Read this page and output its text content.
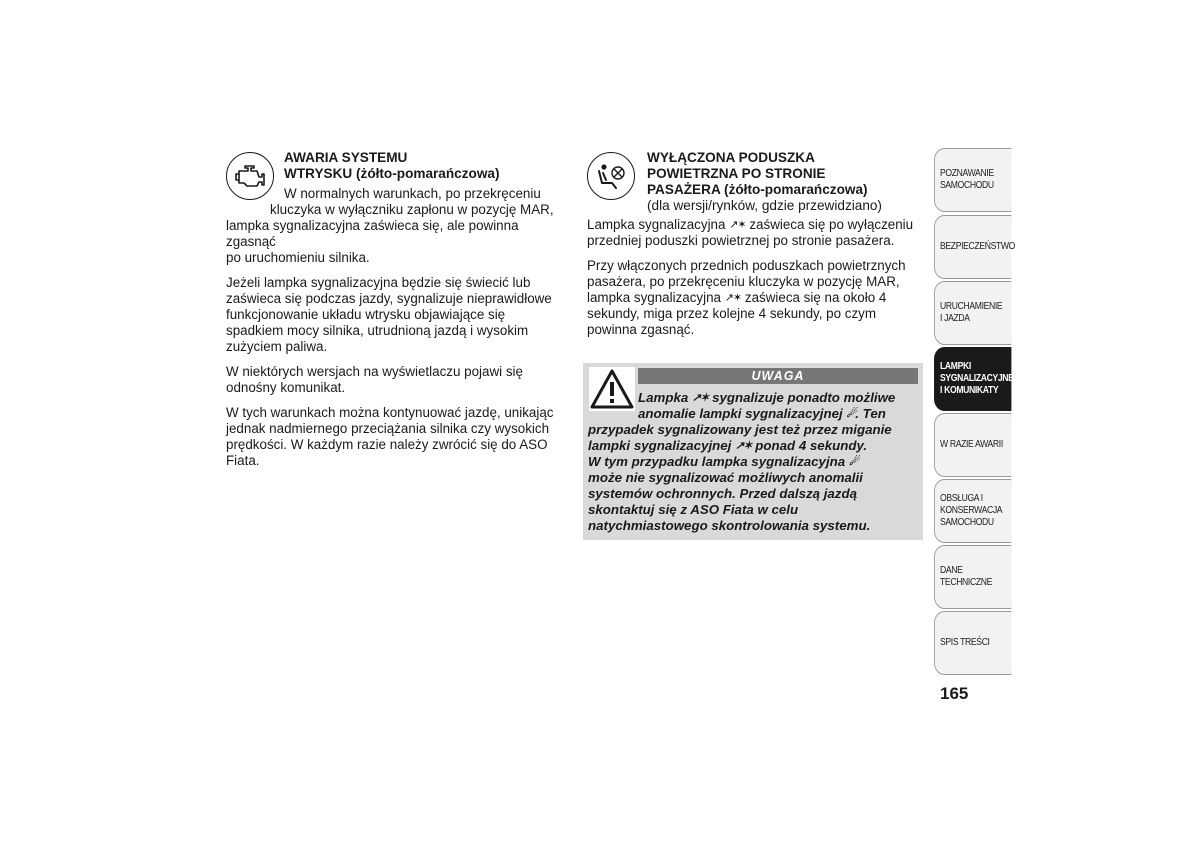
AWARIA SYSTEMU
WTRYSKU (żółto-pomarańczowa)
W normalnych warunkach, po przekręceniu
kluczyka w wyłączniku zapłonu w pozycję MAR,
lampka sygnalizacyjna zaświeca się, ale powinna zgasnąć
po uruchomieniu silnika.

Jeżeli lampka sygnalizacyjna będzie się świecić lub zaświeca się podczas jazdy, sygnalizuje nieprawidłowe funkcjonowanie układu wtrysku objawiające się spadkiem mocy silnika, utrudnioną jazdą i wysokim zużyciem paliwa.

W niektórych wersjach na wyświetlaczu pojawi się odnośny komunikat.

W tych warunkach można kontynuować jazdę, unikając jednak nadmiernego przeciążania silnika czy wysokich prędkości. W każdym razie należy zwrócić się do ASO Fiata.

WYŁĄCZONA PODUSZKA
POWIETRZNA PO STRONIE
PASAŻERA (żółto-pomarańczowa)
(dla wersji/rynków, gdzie przewidziano)

Lampka sygnalizacyjna ↗✶ zaświeca się po wyłączeniu przedniej poduszki powietrznej po stronie pasażera.

Przy włączonych przednich poduszkach powietrznych pasażera, po przekręceniu kluczyka w pozycję MAR, lampka sygnalizacyjna ↗✶ zaświeca się na około 4 sekundy, miga przez kolejne 4 sekundy, po czym powinna zgasnąć.

UWAGA
Lampka ↗✶ sygnalizuje ponadto możliwe
anomalie lampki sygnalizacyjnej ☄. Ten
przypadek sygnalizowany jest też przez miganie
lampki sygnalizacyjnej ↗✶ ponad 4 sekundy.
W tym przypadku lampka sygnalizacyjna ☄
może nie sygnalizować możliwych anomalii
systemów ochronnych. Przed dalszą jazdą
skontaktuj się z ASO Fiata w celu
natychmiastowego skontrolowania systemu.
POZNAWANIE
SAMOCHODU
BEZPIECZEŃSTWO
URUCHAMIENIE
I JAZDA
LAMPKI
SYGNALIZACYJNE
I KOMUNIKATY
W RAZIE AWARII
OBSŁUGA I
KONSERWACJA
SAMOCHODU
DANE TECHNICZNE
SPIS TREŚCI
165
